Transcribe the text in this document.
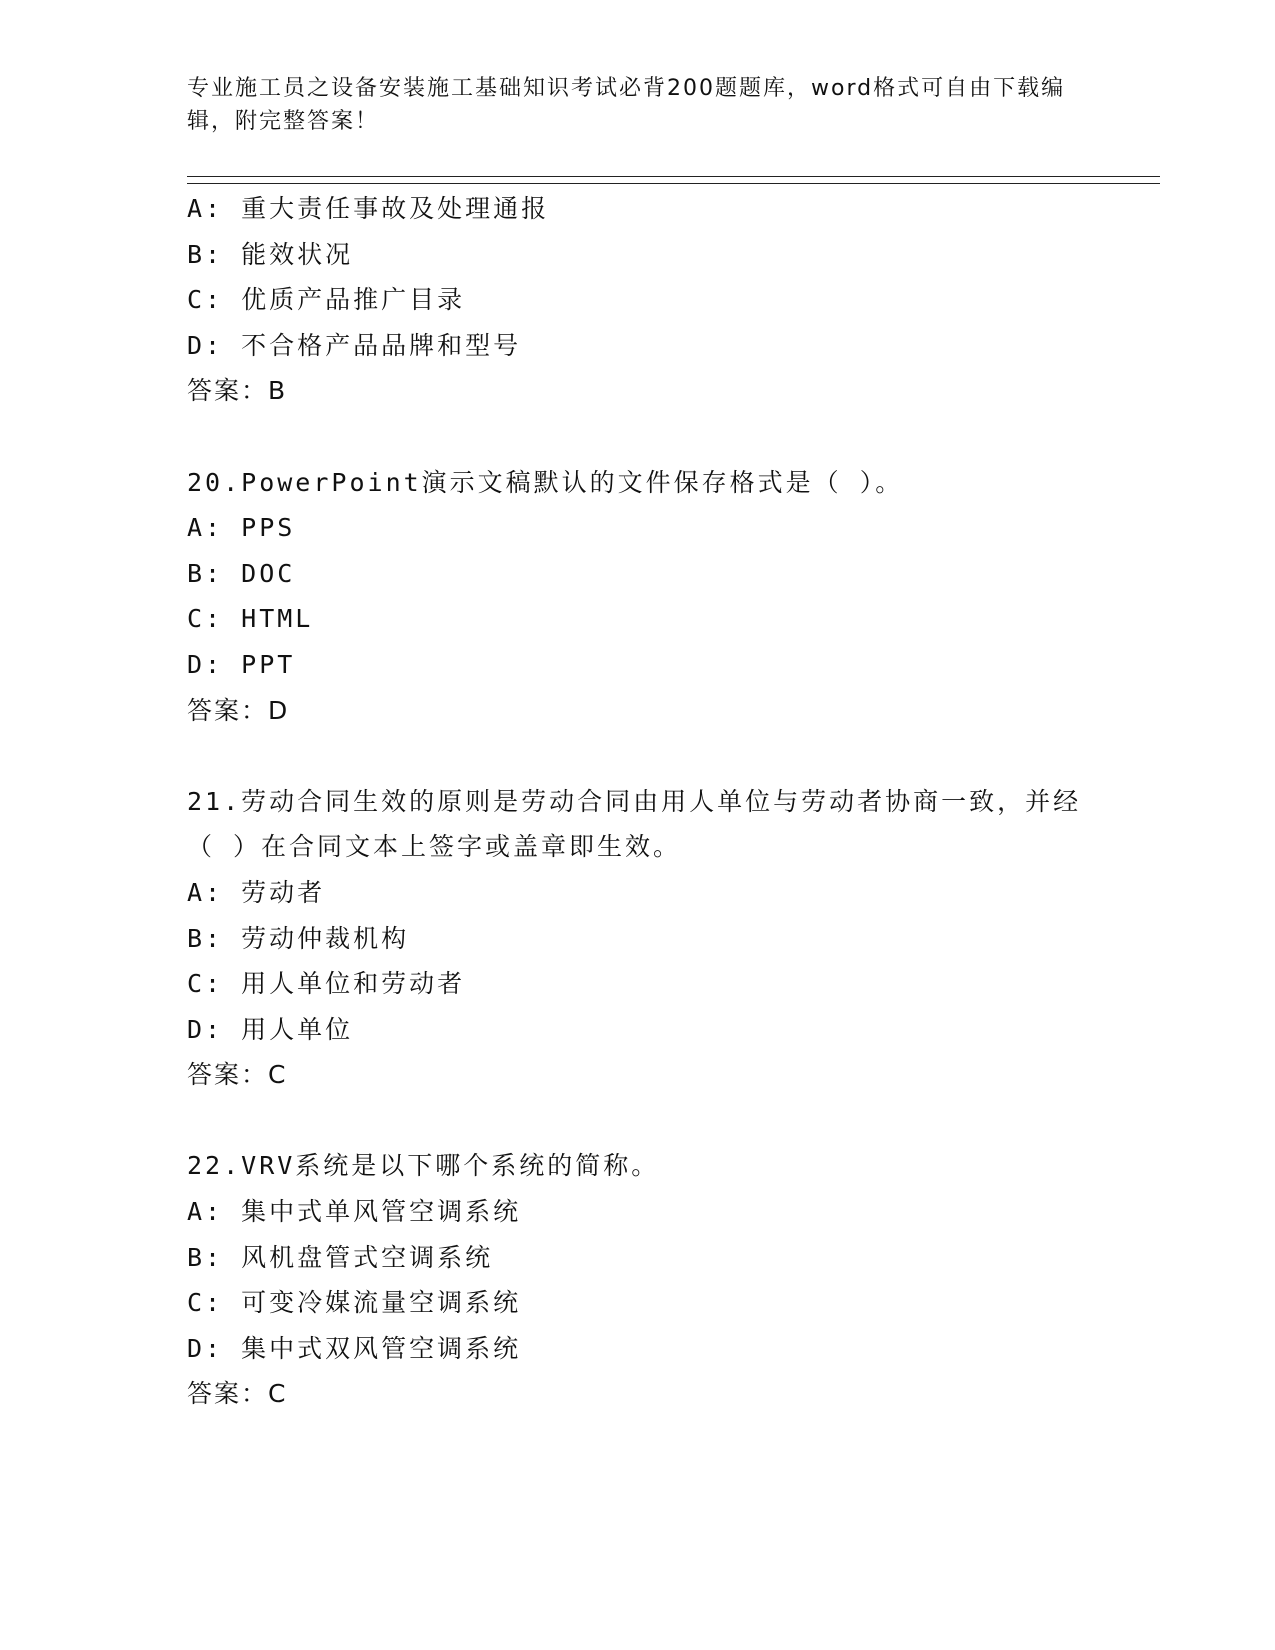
专业施工员之设备安装施工基础知识考试必背200题题库，word格式可自由下载编辑，附完整答案！
A: 重大责任事故及处理通报
B: 能效状况
C: 优质产品推广目录
D: 不合格产品品牌和型号
答案：B
20.PowerPoint演示文稿默认的文件保存格式是（ ）。
A: PPS
B: DOC
C: HTML
D: PPT
答案：D
21.劳动合同生效的原则是劳动合同由用人单位与劳动者协商一致，并经（ ）在合同文本上签字或盖章即生效。
A: 劳动者
B: 劳动仲裁机构
C: 用人单位和劳动者
D: 用人单位
答案：C
22.VRV系统是以下哪个系统的简称。
A: 集中式单风管空调系统
B: 风机盘管式空调系统
C: 可变冷媒流量空调系统
D: 集中式双风管空调系统
答案：C
